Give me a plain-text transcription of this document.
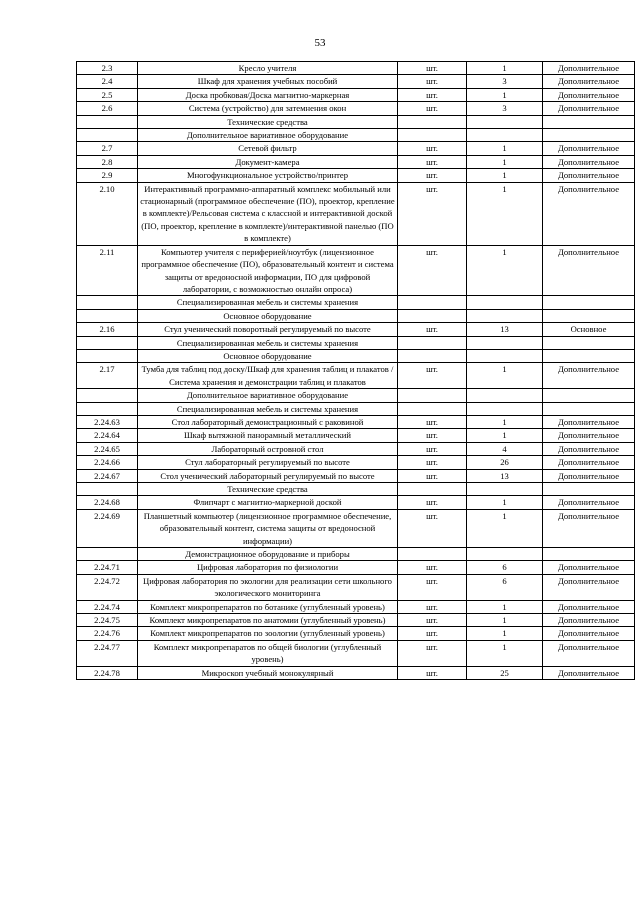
53
2.3	Кресло учителя	шт.	1	Дополнительное
2.4	Шкаф для хранения учебных пособий	шт.	3	Дополнительное
2.5	Доска пробковая/Доска магнитно-маркерная	шт.	1	Дополнительное
2.6	Система (устройство) для затемнения окон	шт.	3	Дополнительное
	Технические средства			
	Дополнительное вариативное оборудование			
2.7	Сетевой фильтр	шт.	1	Дополнительное
2.8	Документ-камера	шт.	1	Дополнительное
2.9	Многофункциональное устройство/принтер	шт.	1	Дополнительное
2.10	Интерактивный программно-аппаратный комплекс мобильный или стационарный (программное обеспечение (ПО), проектор, крепление в комплекте)/Рельсовая система с классной и интерактивной доской (ПО, проектор, крепление в комплекте)/интерактивной панелью (ПО в комплекте)	шт.	1	Дополнительное
2.11	Компьютер учителя с периферией/ноутбук (лицензионное программное обеспечение (ПО), образовательный контент и система защиты от вредоносной информации, ПО для цифровой лаборатории, с возможностью онлайн опроса)	шт.	1	Дополнительное
	Специализированная мебель и системы хранения			
	Основное оборудование			
2.16	Стул ученический поворотный регулируемый по высоте	шт.	13	Основное
	Специализированная мебель и системы хранения			
	Основное оборудование			
2.17	Тумба для таблиц под доску/Шкаф для хранения таблиц и плакатов / Система хранения и демонстрации таблиц и плакатов	шт.	1	Дополнительное
	Дополнительное вариативное оборудование			
	Специализированная мебель и системы хранения			
2.24.63	Стол лабораторный демонстрационный с раковиной	шт.	1	Дополнительное
2.24.64	Шкаф вытяжной панорамный металлический	шт.	1	Дополнительное
2.24.65	Лабораторный островной стол	шт.	4	Дополнительное
2.24.66	Стул лабораторный регулируемый по высоте	шт.	26	Дополнительное
2.24.67	Стол ученический лабораторный регулируемый по высоте	шт.	13	Дополнительное
	Технические средства			
2.24.68	Флипчарт с магнитно-маркерной доской	шт.	1	Дополнительное
2.24.69	Планшетный компьютер (лицензионное программное обеспечение, образовательный контент, система защиты от вредоносной информации)	шт.	1	Дополнительное
	Демонстрационное оборудование и приборы			
2.24.71	Цифровая лаборатория по физиологии	шт.	6	Дополнительное
2.24.72	Цифровая лаборатория по экологии для реализации сети школьного экологического мониторинга	шт.	6	Дополнительное
2.24.74	Комплект микропрепаратов по ботанике (углубленный уровень)	шт.	1	Дополнительное
2.24.75	Комплект микропрепаратов по анатомии (углубленный уровень)	шт.	1	Дополнительное
2.24.76	Комплект микропрепаратов по зоологии (углубленный уровень)	шт.	1	Дополнительное
2.24.77	Комплект микропрепаратов по общей биологии (углубленный уровень)	шт.	1	Дополнительное
2.24.78	Микроскоп учебный монокулярный	шт.	25	Дополнительное
